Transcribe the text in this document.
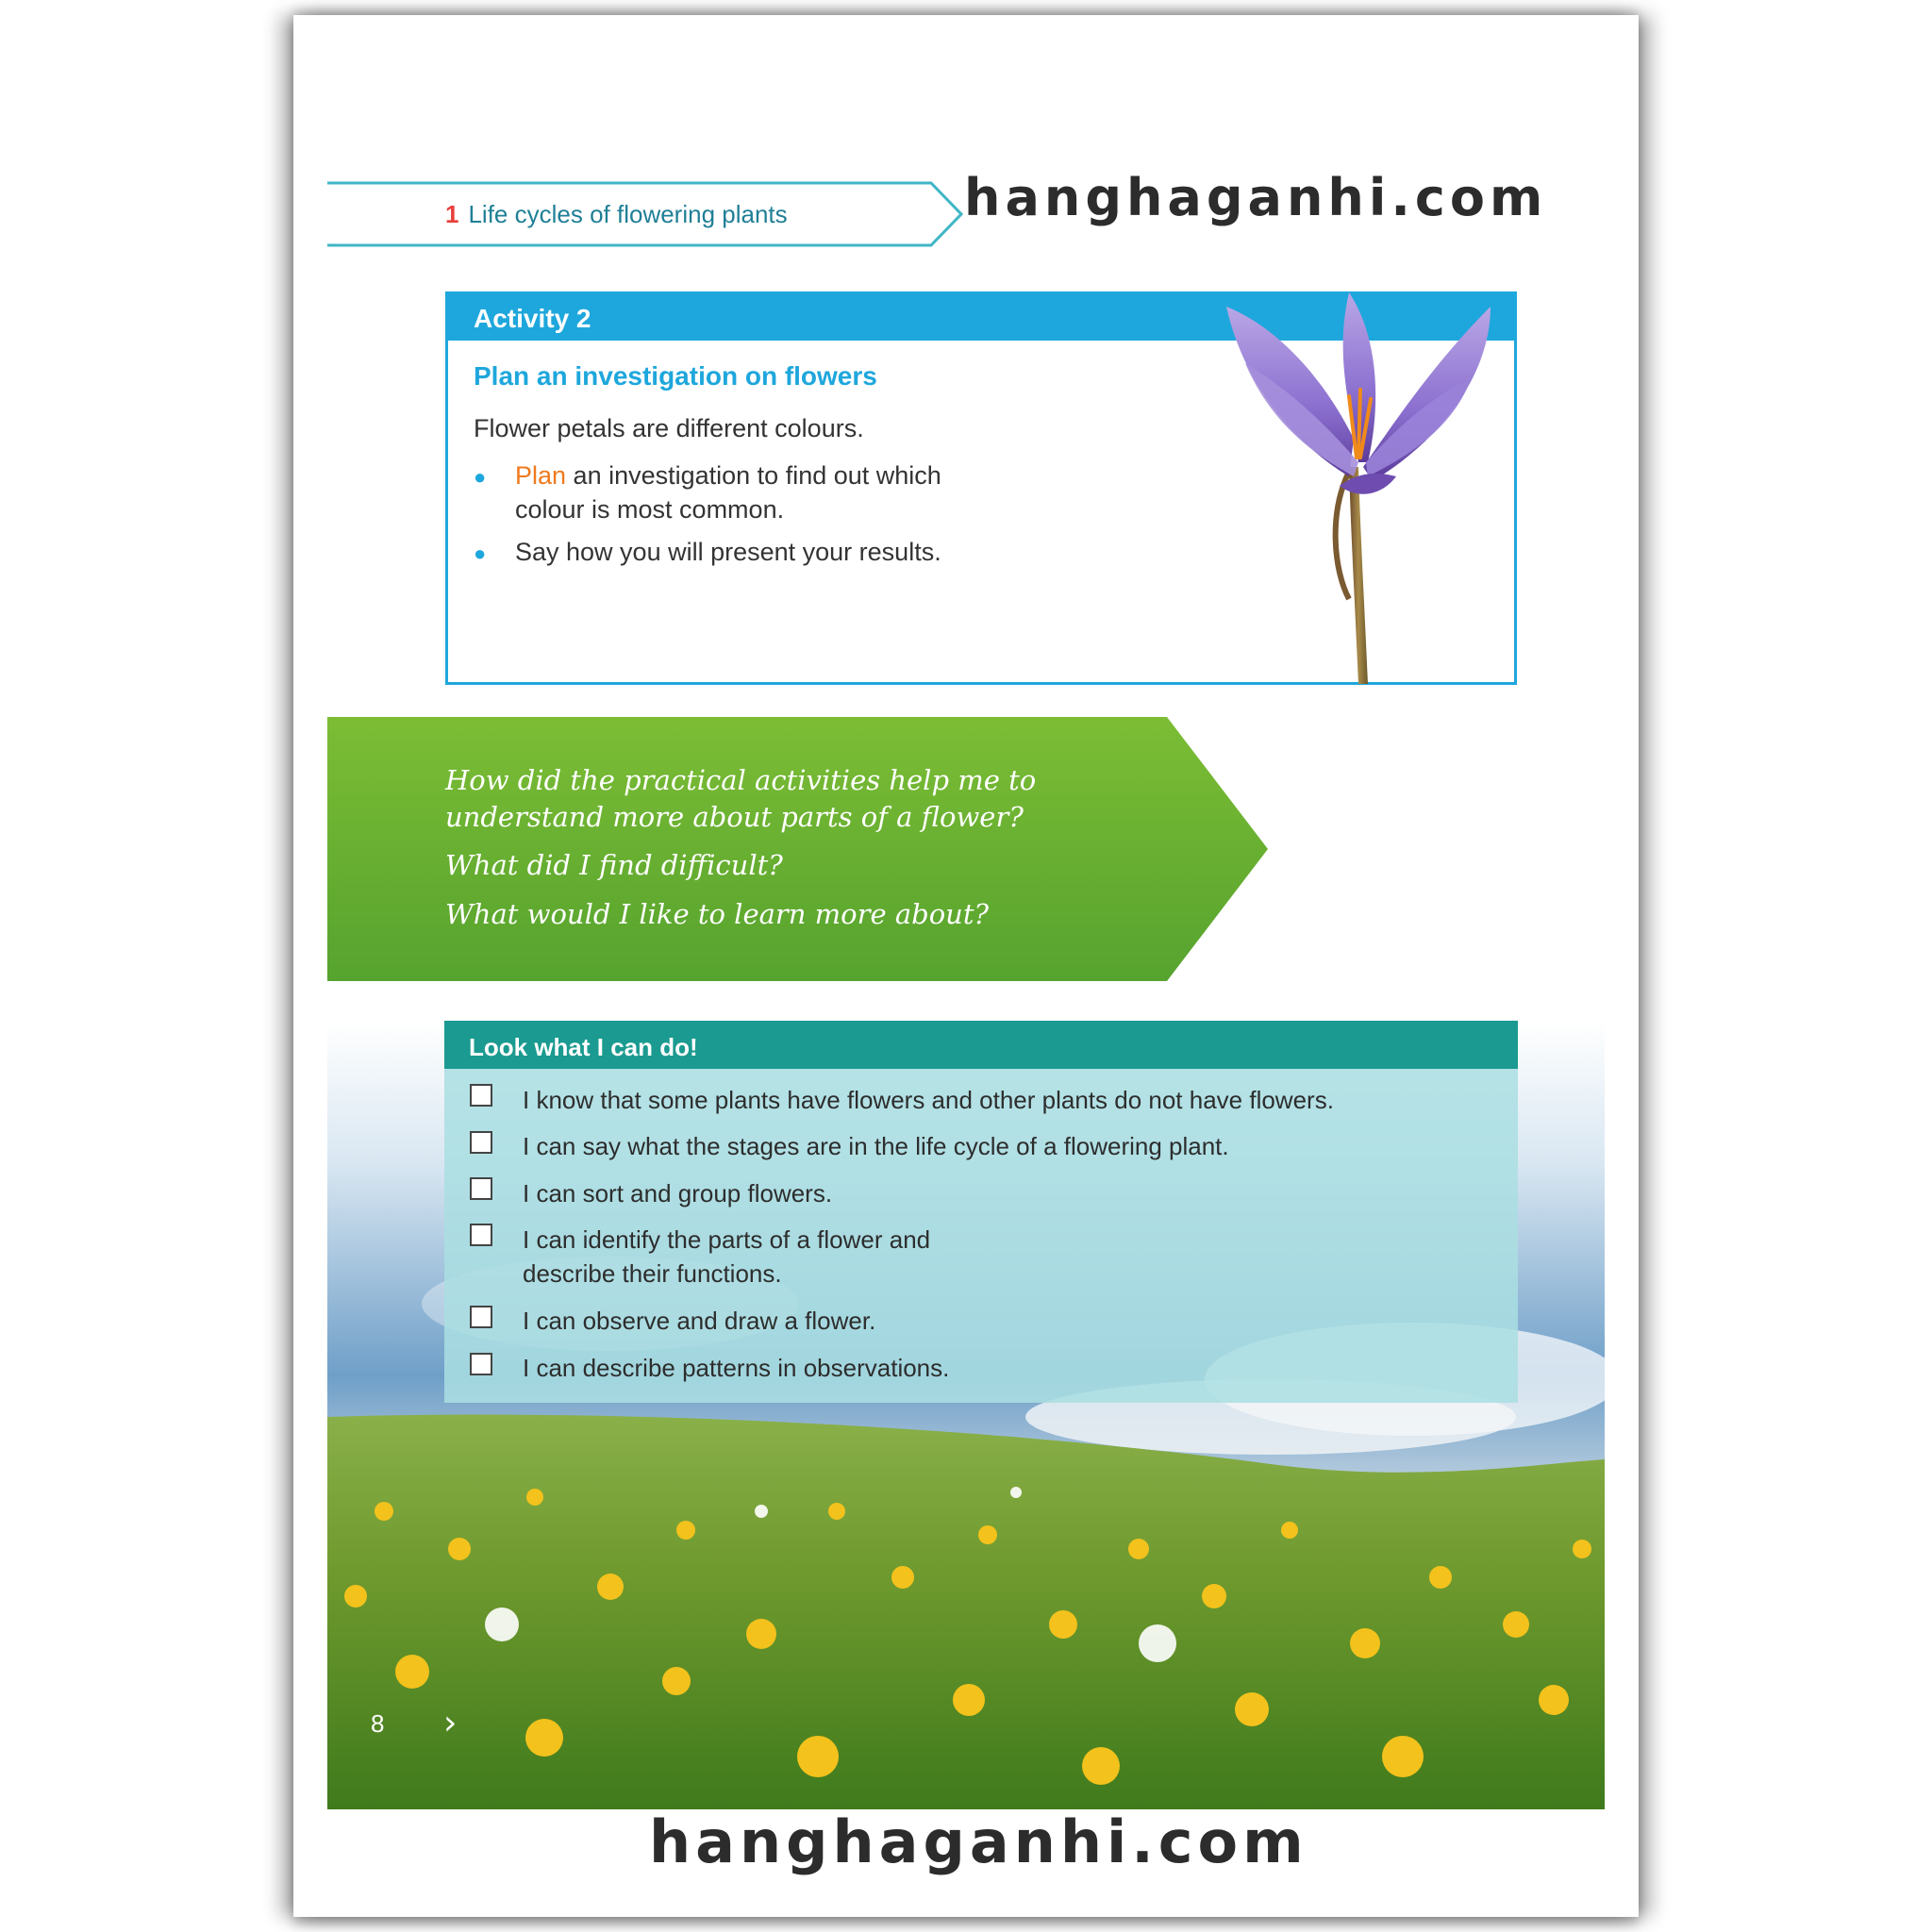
1 Life cycles of flowering plants	hanghaganhi.com
Activity 2
Plan an investigation on flowers
Flower petals are different colours.
● Plan an investigation to find out which
colour is most common.
● Say how you will present your results.
How did the practical activities help me to
understand more about parts of a flower?
What did I find difficult?
What would I like to learn more about?
Look what I can do!
I know that some plants have flowers and other plants do not have flowers.
I can say what the stages are in the life cycle of a flowering plant.
I can sort and group flowers.
I can identify the parts of a flower and
describe their functions.
I can observe and draw a flower.
I can describe patterns in observations.
8 ›
hanghaganhi.com
